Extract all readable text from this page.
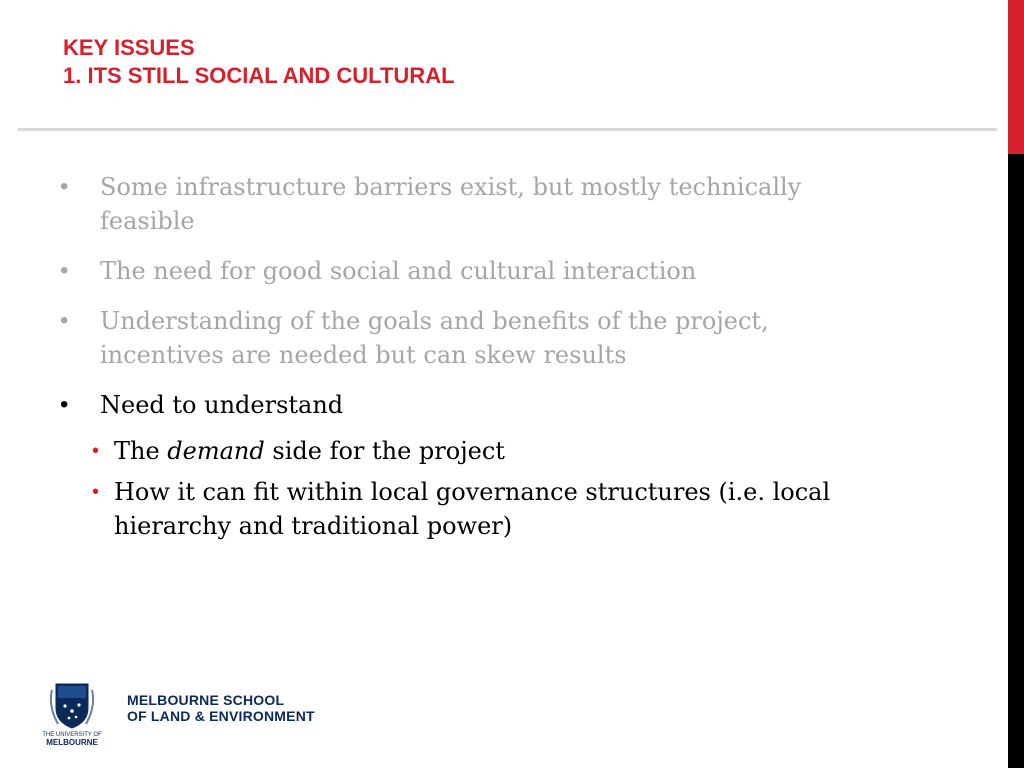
KEY ISSUES
1. ITS STILL SOCIAL AND CULTURAL
• Some infrastructure barriers exist, but mostly technically feasible
• The need for good social and cultural interaction
• Understanding of the goals and benefits of the project, incentives are needed but can skew results
• Need to understand
• The demand side for the project
• How it can fit within local governance structures (i.e. local hierarchy and traditional power)
THE UNIVERSITY OF
MELBOURNE
MELBOURNE SCHOOL
OF LAND & ENVIRONMENT
